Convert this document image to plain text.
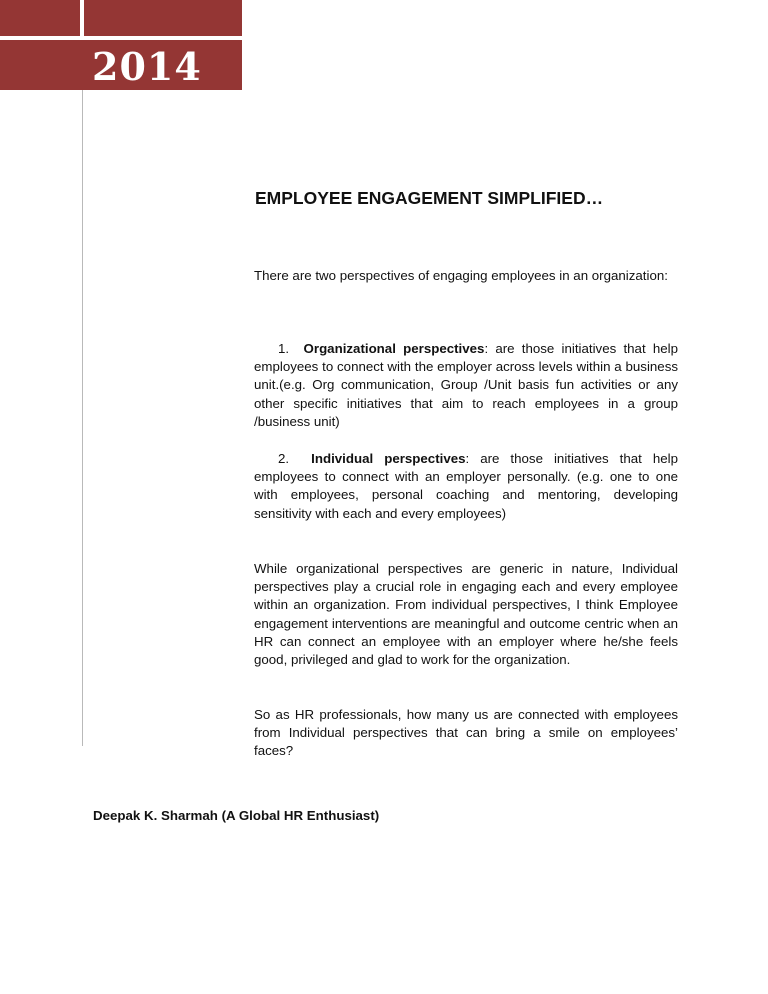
2014
EMPLOYEE ENGAGEMENT SIMPLIFIED…

There are two perspectives of engaging employees in an organization:

1. Organizational perspectives: are those initiatives that help employees to connect with the employer across levels within a business unit.(e.g. Org communication, Group /Unit basis fun activities or any other specific initiatives that aim to reach employees in a group /business unit)

2. Individual perspectives: are those initiatives that help employees to connect with an employer personally. (e.g. one to one with employees, personal coaching and mentoring, developing sensitivity with each and every employees)

While organizational perspectives are generic in nature, Individual perspectives play a crucial role in engaging each and every employee within an organization. From individual perspectives, I think Employee engagement interventions are meaningful and outcome centric when an HR can connect an employee with an employer where he/she feels good, privileged and glad to work for the organization.

So as HR professionals, how many us are connected with employees from Individual perspectives that can bring a smile on employees’ faces?

Deepak K. Sharmah (A Global HR Enthusiast)
